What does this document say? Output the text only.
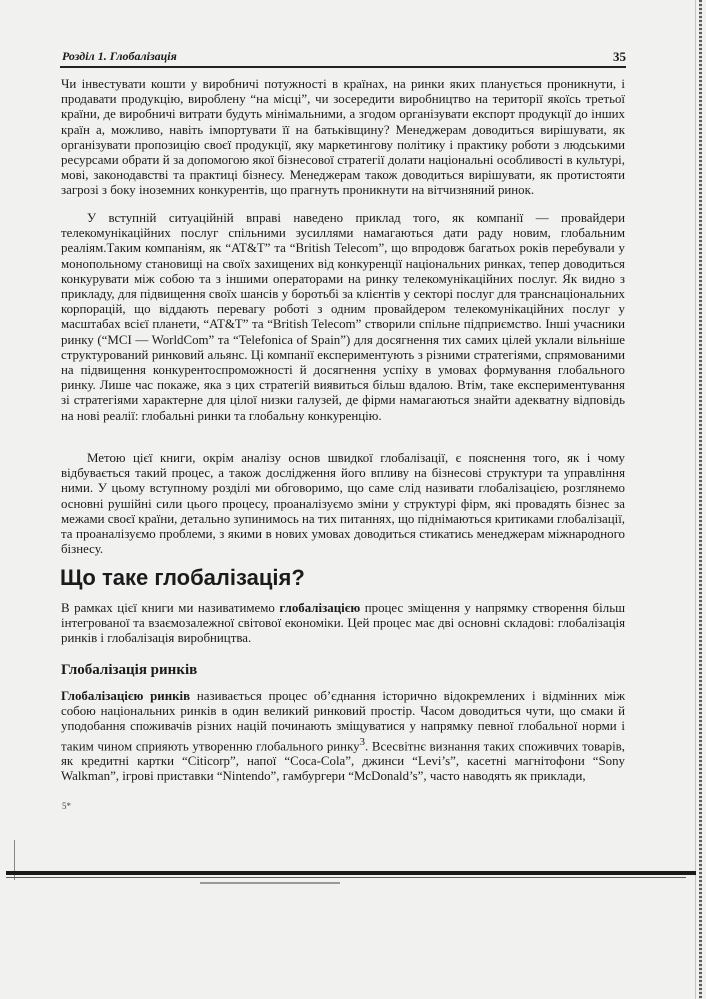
Розділ 1. Глобалізація	35

Чи інвестувати кошти у виробничі потужності в країнах, на ринки яких планується проникнути, і продавати продукцію, вироблену “на місці”, чи зосередити виробництво на території якоїсь третьої країни, де виробничі витрати будуть мінімальними, а згодом організувати експорт продукції до інших країн а, можливо, навіть імпортувати її на батьківщину? Менеджерам доводиться вирішувати, як організувати пропозицію своєї продукції, яку маркетингову політику і практику роботи з людськими ресурсами обрати й за допомогою якої бізнесової стратегії долати національні особливості в культурі, мові, законодавстві та практиці бізнесу. Менеджерам також доводиться вирішувати, як протистояти загрозі з боку іноземних конкурентів, що прагнуть проникнути на вітчизняний ринок.

У вступній ситуаційній вправі наведено приклад того, як компанії — провайдери телекомунікаційних послуг спільними зусиллями намагаються дати раду новим, глобальним реаліям.Таким компаніям, як “AT&T” та “British Telecom”, що впродовж багатьох років перебували у монопольному становищі на своїх захищених від конкуренції національних ринках, тепер доводиться конкурувати між собою та з іншими операторами на ринку телекомунікаційних послуг. Як видно з прикладу, для підвищення своїх шансів у боротьбі за клієнтів у секторі послуг для транснаціональних корпорацій, що віддають перевагу роботі з одним провайдером телекомунікаційних послуг у масштабах всієї планети, “AT&T” та “British Telecom” створили спільне підприємство. Інші учасники ринку (“MCI — WorldCom” та “Telefonica of Spain”) для досягнення тих самих цілей уклали вільніше структурований ринковий альянс. Ці компанії експериментують з різними стратегіями, спрямованими на підвищення конкурентоспроможності й досягнення успіху в умовах формування глобального ринку. Лише час покаже, яка з цих стратегій виявиться більш вдалою. Втім, таке експериментування зі стратегіями характерне для цілої низки галузей, де фірми намагаються знайти адекватну відповідь на нові реалії: глобальні ринки та глобальну конкуренцію.

Метою цієї книги, окрім аналізу основ швидкої глобалізації, є пояснення того, як і чому відбувається такий процес, а також дослідження його впливу на бізнесові структури та управління ними. У цьому вступному розділі ми обговоримо, що саме слід називати глобалізацією, розглянемо основні рушійні сили цього процесу, проаналізуємо зміни у структурі фірм, які провадять бізнес за межами своєї країни, детально зупинимось на тих питаннях, що піднімаються критиками глобалізації, та проаналізуємо проблеми, з якими в нових умовах доводиться стикатись менеджерам міжнародного бізнесу.

Що таке глобалізація?

В рамках цієї книги ми називатимемо глобалізацією процес зміщення у напрямку створення більш інтегрованої та взаємозалежної світової економіки. Цей процес має дві основні складові: глобалізація ринків і глобалізація виробництва.

Глобалізація ринків

Глобалізацією ринків називається процес об’єднання історично відокремлених і відмінних між собою національних ринків в один великий ринковий простір. Часом доводиться чути, що смаки й уподобання споживачів різних націй починають зміщуватися у напрямку певної глобальної норми і таким чином сприяють утворенню глобального ринку$^3$. Всесвітнє визнання таких споживчих товарів, як кредитні картки “Citicorp”, напої “Coca-Cola”, джинси “Levi’s”, касетні магнітофони “Sony Walkman”, ігрові приставки “Nintendo”, гамбургери “McDonald’s”, часто наводять як приклади,

5*
